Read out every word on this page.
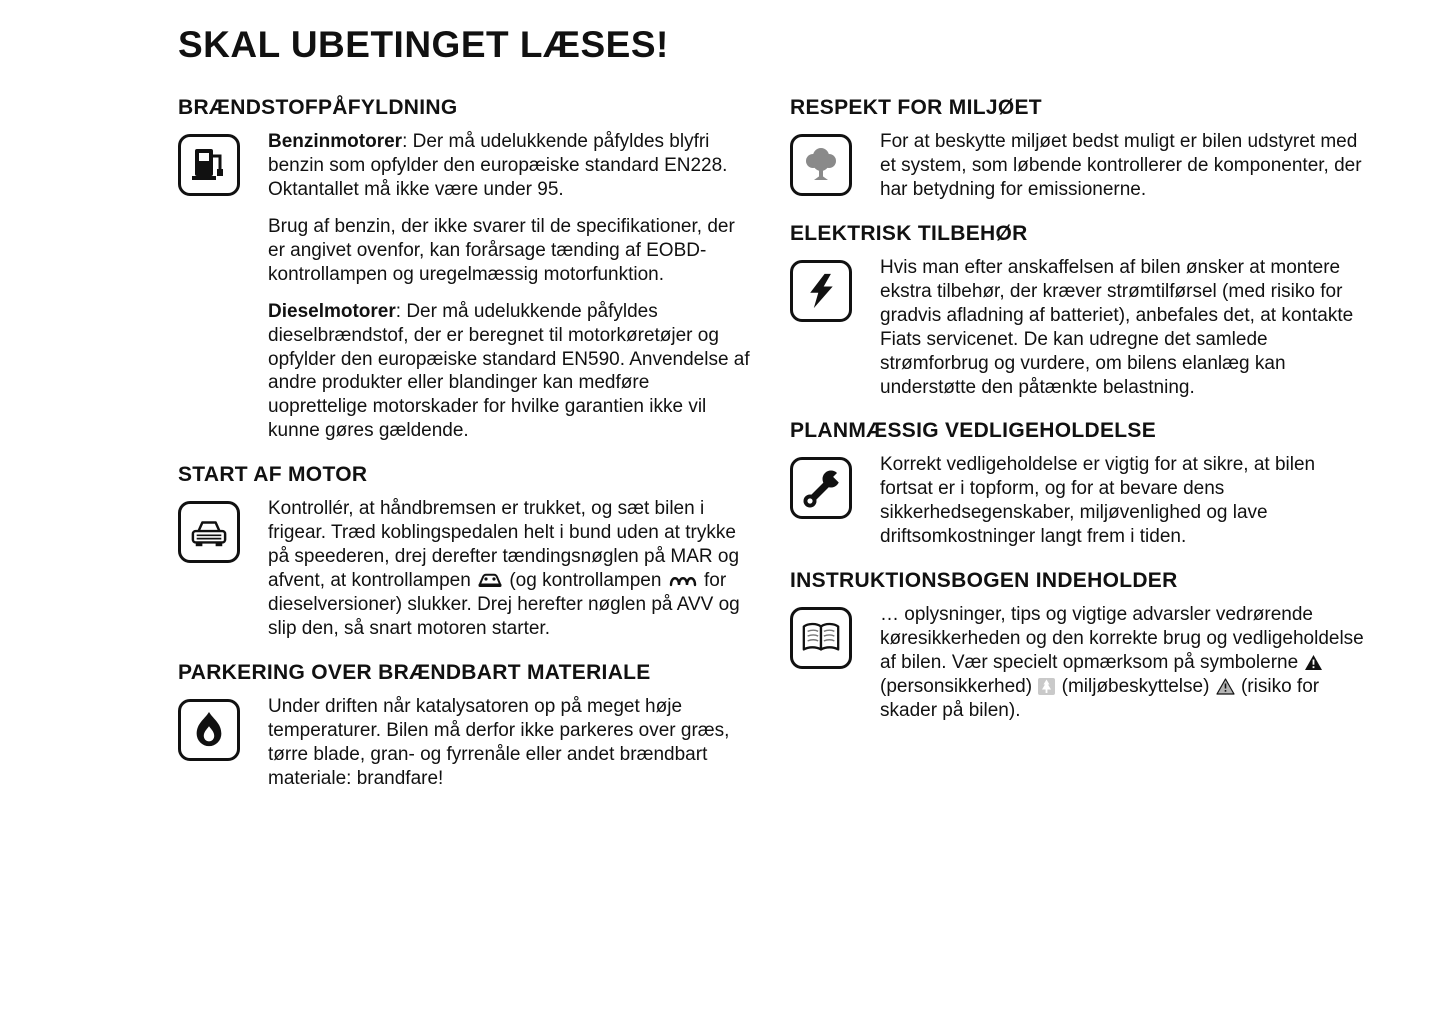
SKAL UBETINGET LÆSES!
BRÆNDSTOFPÅFYLDNING

Benzinmotorer: Der må udelukkende påfyldes blyfri benzin som opfylder den europæiske standard EN228. Oktantallet må ikke være under 95.

Brug af benzin, der ikke svarer til de specifikationer, der er angivet ovenfor, kan forårsage tænding af EOBD-kontrollampen og uregelmæssig motorfunktion.

Dieselmotorer: Der må udelukkende påfyldes dieselbrændstof, der er beregnet til motorkøretøjer og opfylder den europæiske standard EN590. Anvendelse af andre produkter eller blandinger kan medføre uoprettelige motorskader for hvilke garantien ikke vil kunne gøres gældende.

START AF MOTOR

Kontrollér, at håndbremsen er trukket, og sæt bilen i frigear. Træd koblingspedalen helt i bund uden at trykke på speederen, drej derefter tændingsnøglen på MAR og afvent, at kontrollampen
(og kontrollampen
for dieselversioner) slukker. Drej herefter nøglen på AVV og slip den, så snart motoren starter.

PARKERING OVER BRÆNDBART MATERIALE

Under driften når katalysatoren op på meget høje temperaturer. Bilen må derfor ikke parkeres over græs, tørre blade, gran- og fyrrenåle eller andet brændbart materiale: brandfare!

RESPEKT FOR MILJØET

For at beskytte miljøet bedst muligt er bilen udstyret med et system, som løbende kontrollerer de komponenter, der har betydning for emissionerne.

ELEKTRISK TILBEHØR

Hvis man efter anskaffelsen af bilen ønsker at montere ekstra tilbehør, der kræver strømtilførsel (med risiko for gradvis afladning af batteriet), anbefales det, at kontakte Fiats servicenet. De kan udregne det samlede strømforbrug og vurdere, om bilens elanlæg kan understøtte den påtænkte belastning.

PLANMÆSSIG VEDLIGEHOLDELSE

Korrekt vedligeholdelse er vigtig for at sikre, at bilen fortsat er i topform, og for at bevare dens sikkerhedsegenskaber, miljøvenlighed og lave driftsomkostninger langt frem i tiden.

INSTRUKTIONSBOGEN INDEHOLDER

… oplysninger, tips og vigtige advarsler vedrørende køresikkerheden og den korrekte brug og vedligeholdelse af bilen. Vær specielt opmærksom på symbolerne
(personsikkerhed)
(miljøbeskyttelse)
(risiko for skader på bilen).
